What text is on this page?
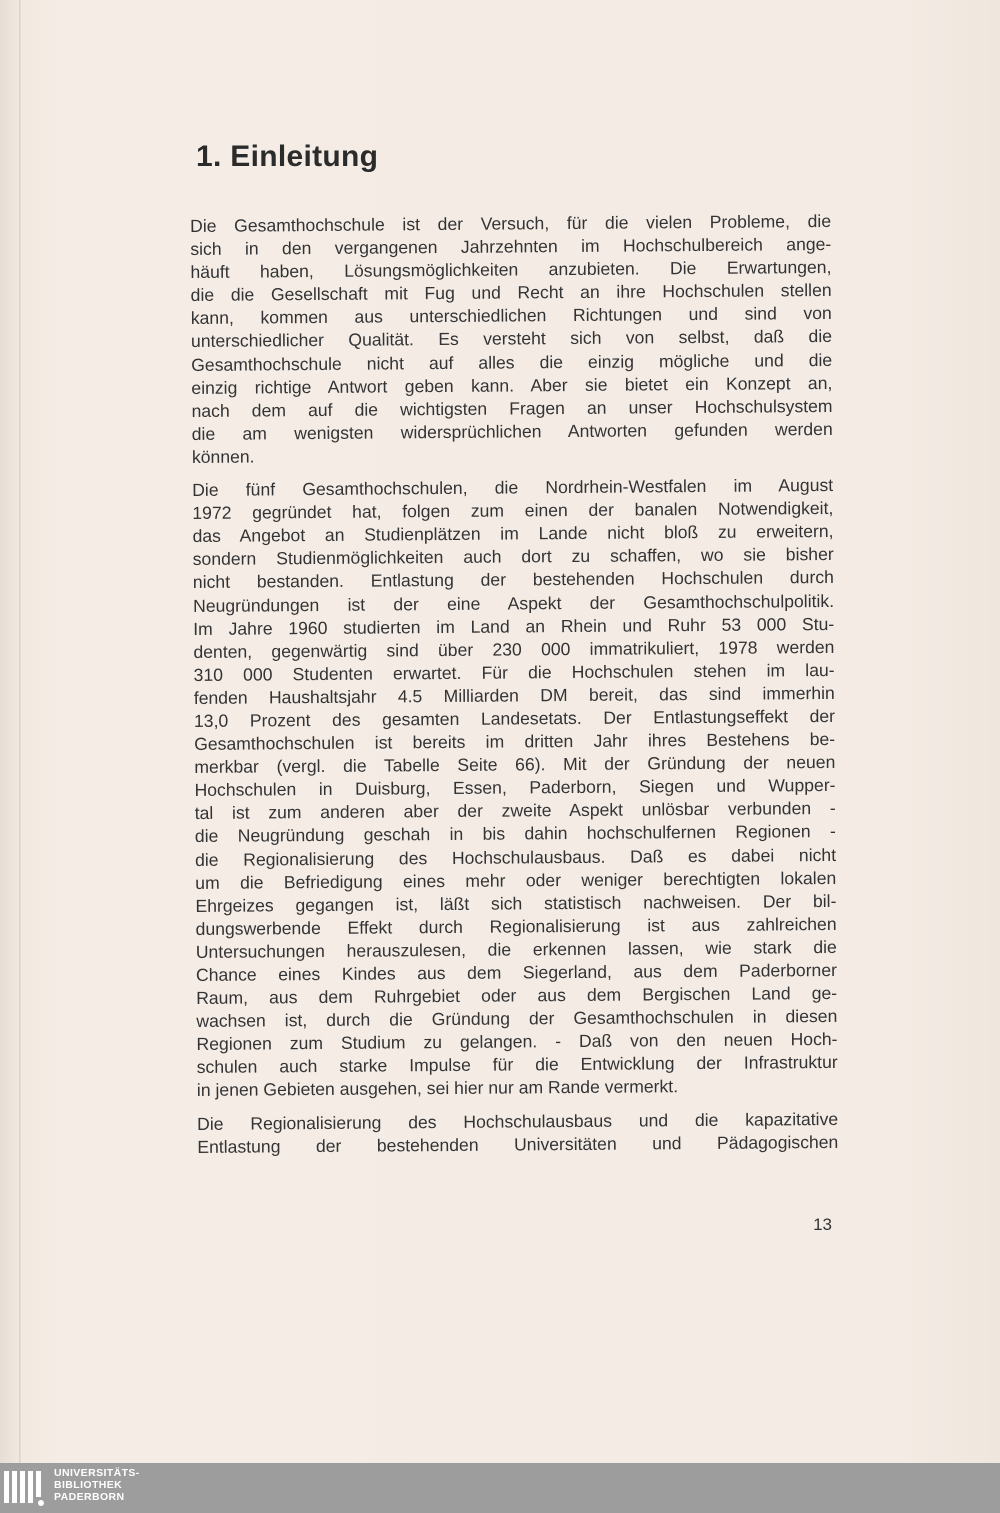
1. Einleitung

Die Gesamthochschule ist der Versuch, für die vielen Probleme, die
sich in den vergangenen Jahrzehnten im Hochschulbereich ange-
häuft haben, Lösungsmöglichkeiten anzubieten. Die Erwartungen,
die die Gesellschaft mit Fug und Recht an ihre Hochschulen stellen
kann, kommen aus unterschiedlichen Richtungen und sind von
unterschiedlicher Qualität. Es versteht sich von selbst, daß die
Gesamthochschule nicht auf alles die einzig mögliche und die
einzig richtige Antwort geben kann. Aber sie bietet ein Konzept an,
nach dem auf die wichtigsten Fragen an unser Hochschulsystem
die am wenigsten widersprüchlichen Antworten gefunden werden
können.

Die fünf Gesamthochschulen, die Nordrhein-Westfalen im August
1972 gegründet hat, folgen zum einen der banalen Notwendigkeit,
das Angebot an Studienplätzen im Lande nicht bloß zu erweitern,
sondern Studienmöglichkeiten auch dort zu schaffen, wo sie bisher
nicht bestanden. Entlastung der bestehenden Hochschulen durch
Neugründungen ist der eine Aspekt der Gesamthochschulpolitik.
Im Jahre 1960 studierten im Land an Rhein und Ruhr 53 000 Stu-
denten, gegenwärtig sind über 230 000 immatrikuliert, 1978 werden
310 000 Studenten erwartet. Für die Hochschulen stehen im lau-
fenden Haushaltsjahr 4.5 Milliarden DM bereit, das sind immerhin
13,0 Prozent des gesamten Landesetats. Der Entlastungseffekt der
Gesamthochschulen ist bereits im dritten Jahr ihres Bestehens be-
merkbar (vergl. die Tabelle Seite 66). Mit der Gründung der neuen
Hochschulen in Duisburg, Essen, Paderborn, Siegen und Wupper-
tal ist zum anderen aber der zweite Aspekt unlösbar verbunden -
die Neugründung geschah in bis dahin hochschulfernen Regionen -
die Regionalisierung des Hochschulausbaus. Daß es dabei nicht
um die Befriedigung eines mehr oder weniger berechtigten lokalen
Ehrgeizes gegangen ist, läßt sich statistisch nachweisen. Der bil-
dungswerbende Effekt durch Regionalisierung ist aus zahlreichen
Untersuchungen herauszulesen, die erkennen lassen, wie stark die
Chance eines Kindes aus dem Siegerland, aus dem Paderborner
Raum, aus dem Ruhrgebiet oder aus dem Bergischen Land ge-
wachsen ist, durch die Gründung der Gesamthochschulen in diesen
Regionen zum Studium zu gelangen. - Daß von den neuen Hoch-
schulen auch starke Impulse für die Entwicklung der Infrastruktur
in jenen Gebieten ausgehen, sei hier nur am Rande vermerkt.

Die Regionalisierung des Hochschulausbaus und die kapazitative
Entlastung der bestehenden Universitäten und Pädagogischen

13
UNIVERSITÄTS-
BIBLIOTHEK
PADERBORN
